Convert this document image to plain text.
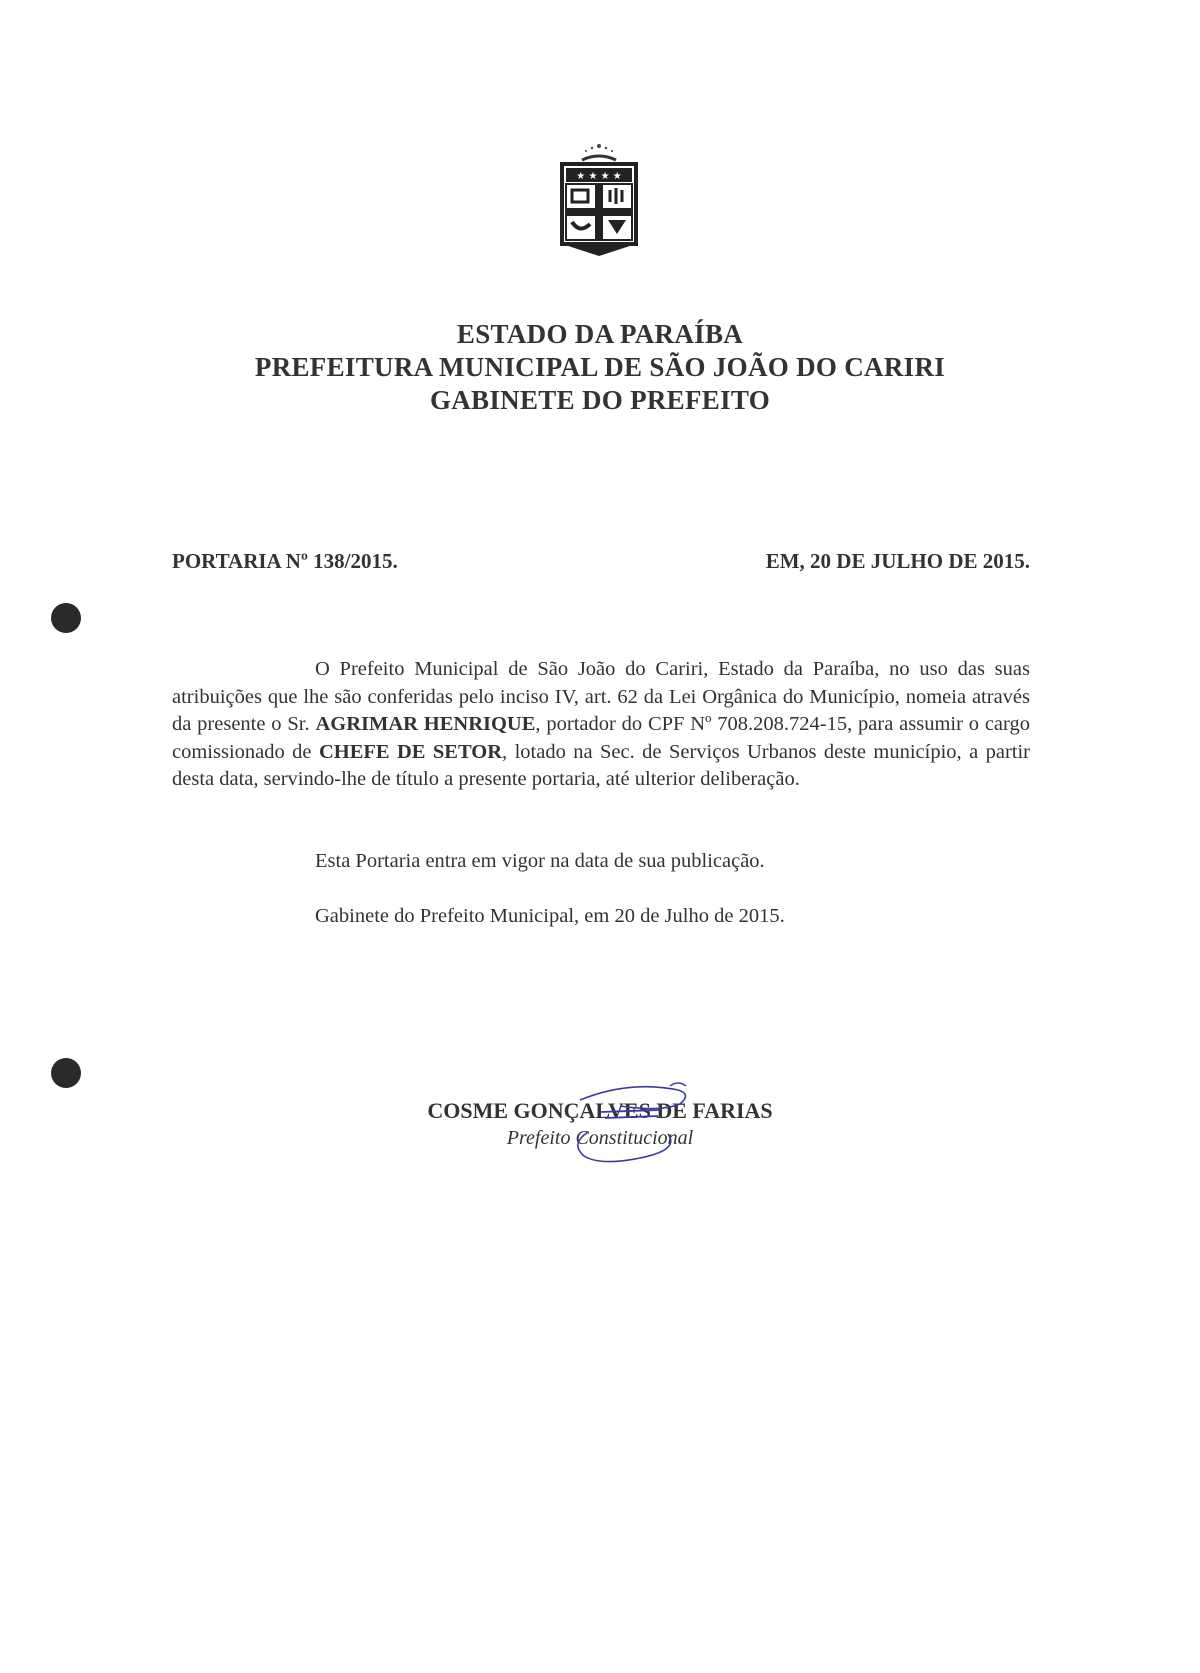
★ ★ ★ ★
ESTADO DA PARAÍBA
PREFEITURA MUNICIPAL DE SÃO JOÃO DO CARIRI
GABINETE DO PREFEITO
PORTARIA Nº 138/2015.	EM, 20 DE JULHO DE 2015.
O Prefeito Municipal de São João do Cariri, Estado da Paraíba, no uso das suas atribuições que lhe são conferidas pelo inciso IV, art. 62 da Lei Orgânica do Município, nomeia através da presente o Sr. AGRIMAR HENRIQUE, portador do CPF Nº 708.208.724-15, para assumir o cargo comissionado de CHEFE DE SETOR, lotado na Sec. de Serviços Urbanos deste município, a partir desta data, servindo-lhe de título a presente portaria, até ulterior deliberação.
Esta Portaria entra em vigor na data de sua publicação.
Gabinete do Prefeito Municipal, em 20 de Julho de 2015.
COSME GONÇALVES DE FARIAS
Prefeito Constitucional
